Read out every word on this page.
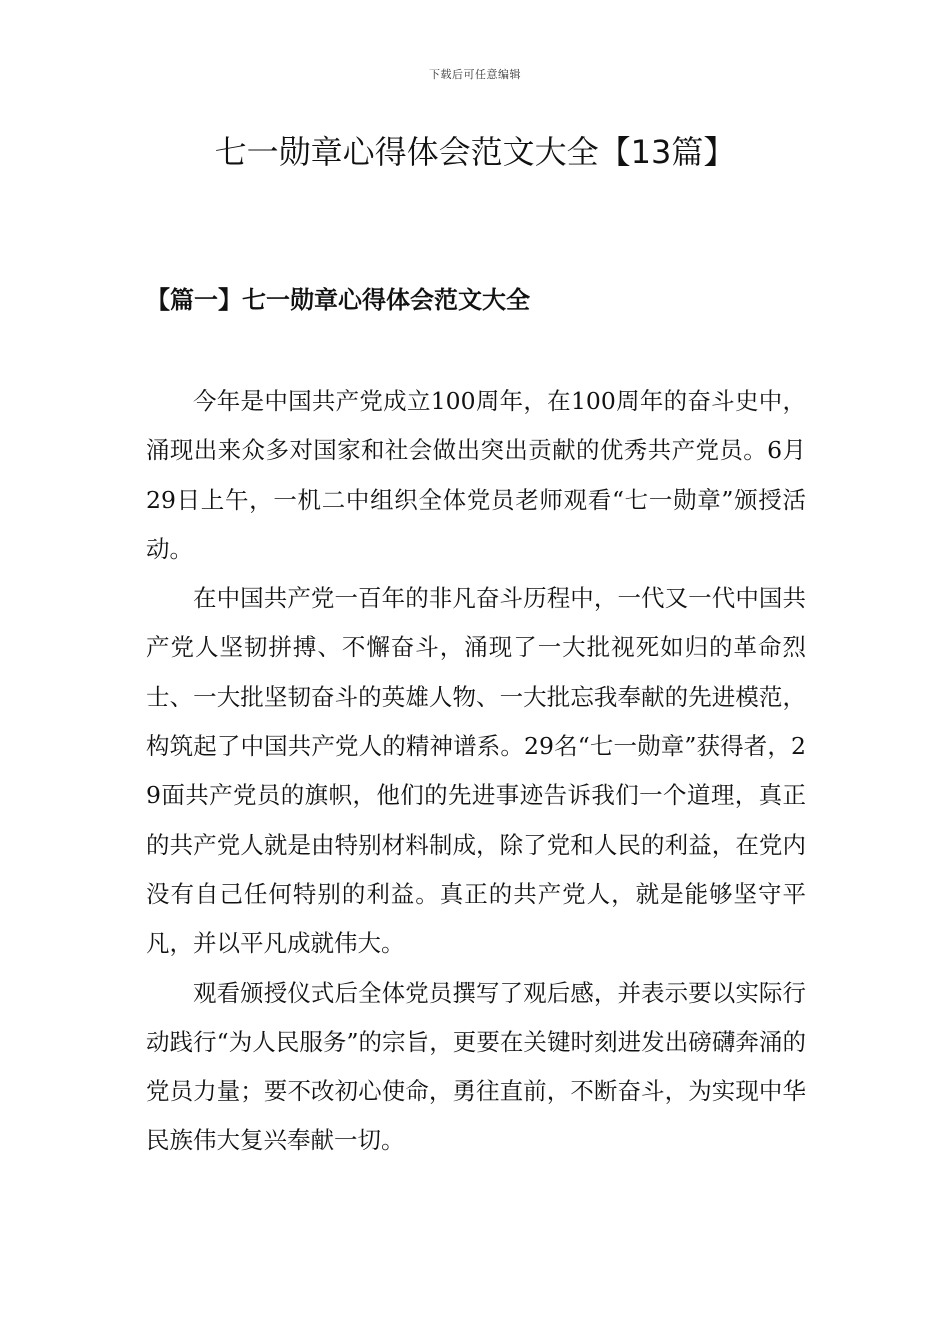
下载后可任意编辑
七一勋章心得体会范文大全【13篇】
【篇一】七一勋章心得体会范文大全

今年是中国共产党成立100周年，在100周年的奋斗史中，涌现出来众多对国家和社会做出突出贡献的优秀共产党员。6月29日上午，一机二中组织全体党员老师观看“七一勋章”颁授活动。

在中国共产党一百年的非凡奋斗历程中，一代又一代中国共产党人坚韧拼搏、不懈奋斗，涌现了一大批视死如归的革命烈士、一大批坚韧奋斗的英雄人物、一大批忘我奉献的先进模范，构筑起了中国共产党人的精神谱系。29名“七一勋章”获得者，29面共产党员的旗帜，他们的先进事迹告诉我们一个道理，真正的共产党人就是由特别材料制成，除了党和人民的利益，在党内没有自己任何特别的利益。真正的共产党人，就是能够坚守平凡，并以平凡成就伟大。

观看颁授仪式后全体党员撰写了观后感，并表示要以实际行动践行“为人民服务”的宗旨，更要在关键时刻进发出磅礴奔涌的党员力量；要不改初心使命，勇往直前，不断奋斗，为实现中华民族伟大复兴奉献一切。
